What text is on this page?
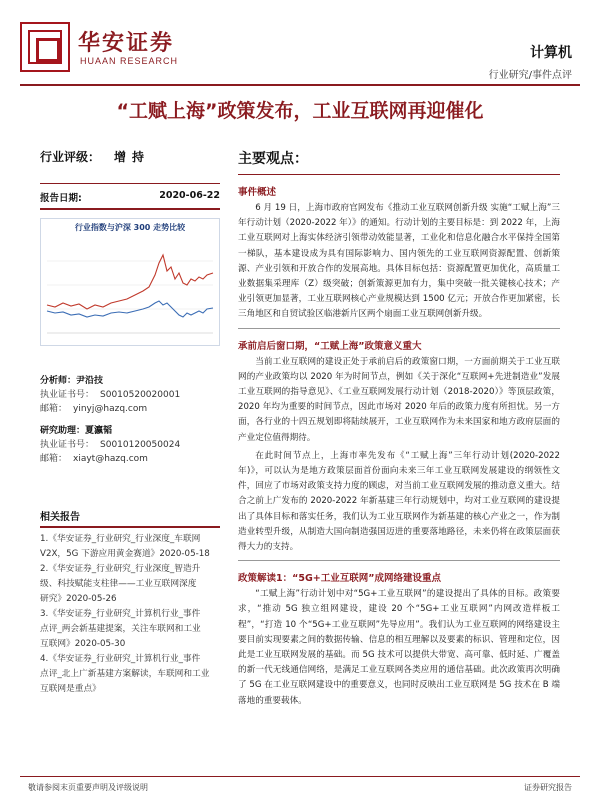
华安证券
HUAAN RESEARCH	计算机
行业研究/事件点评
“工赋上海”政策发布，工业互联网再迎催化
行业评级： 增持
报告日期:	2020-06-22
行业指数与沪深 300 走势比较
分析师：尹沿技
执业证书号： S0010520020001
邮箱： yinyj@hazq.com
研究助理：夏瀛韬
执业证书号： S0010120050024
邮箱： xiayt@hazq.com
相关报告
1.《华安证券_行业研究_行业深度_车联网
V2X，5G 下游应用黄金赛道》2020-05-18
2.《华安证券_行业研究_行业深度_智造升
级、科技赋能支柱律——工业互联网深度
研究》2020-05-26
3.《华安证券_行业研究_计算机行业_事件
点评_两会新基建提案，关注车联网和工业
互联网》2020-05-30
4.《华安证券_行业研究_计算机行业_事件
点评_北上广新基建方案解读，车联网和工业
互联网是重点》
主要观点：
事件概述

6 月 19 日，上海市政府官网发布《推动工业互联网创新升级 实施“工赋上海”三年行动计划（2020-2022 年）》的通知。行动计划的主要目标是：到 2022 年，上海工业互联网对上海实体经济引领带动效能显著，工业化和信息化融合水平保持全国第一梯队，基本建设成为具有国际影响力、国内领先的工业互联网资源配置、创新策源、产业引领和开放合作的发展高地。具体目标包括：资源配置更加优化，高质量工业数据集采理库（Z）级突破；创新策源更加有力，集中突破一批关键核心技术；产业引领更加显著，工业互联网核心产业规模达到 1500 亿元；开放合作更加紧密，长三角地区和自贸试验区临港新片区两个扇面工业互联网创新升级。

承前启后窗口期，“工赋上海”政策意义重大

当前工业互联网的建设正处于承前启后的政策窗口期，一方面前期关于工业互联网的产业政策均以 2020 年为时间节点，例如《关于深化“互联网+先进制造业”发展工业互联网的指导意见》、《工业互联网发展行动计划（2018-2020）》等顶层政策，2020 年均为重要的时间节点，因此市场对 2020 年后的政策力度有所担忧。另一方面，各行业的十四五规划即将陆续展开，工业互联网作为未来国家和地方政府层面的产业定位值得期待。

在此时间节点上，上海市率先发布《“工赋上海”三年行动计划(2020-2022 年)》，可以认为是地方政策层面首份面向未来三年工业互联网发展建设的纲领性文件，回应了市场对政策支持力度的顾虑，对当前工业互联网发展的推动意义重大。结合之前上广发布的 2020-2022 年新基建三年行动规划中，均对工业互联网的建设提出了具体目标和落实任务，我们认为工业互联网作为新基建的核心产业之一，作为制造业转型升级，从制造大国向制造强国迈进的重要落地路径，未来仍将在政策层面获得大力的支持。

政策解读1：“5G+工业互联网”成网络建设重点

“工赋上海”行动计划中对“5G+工业互联网”的建设提出了具体的目标。政策要求，“推动 5G 独立组网建设，建设 20 个“5G+工业互联网”内网改造样板工程”，“打造 10 个“5G+工业互联网”先导应用”。我们认为工业互联网的网络建设主要目前实现要素之间的数据传输、信息的相互理解以及要素的标识、管理和定位，因此是工业互联网发展的基础。而 5G 技术可以提供大带宽、高可靠、低时延、广覆盖的新一代无线通信网络，是满足工业互联网各类应用的通信基础。此次政策再次明确了 5G 在工业互联网建设中的重要意义，也同时反映出工业互联网是 5G 技术在 B 端落地的重要载体。

敬请参阅末页重要声明及评级说明	证券研究报告
